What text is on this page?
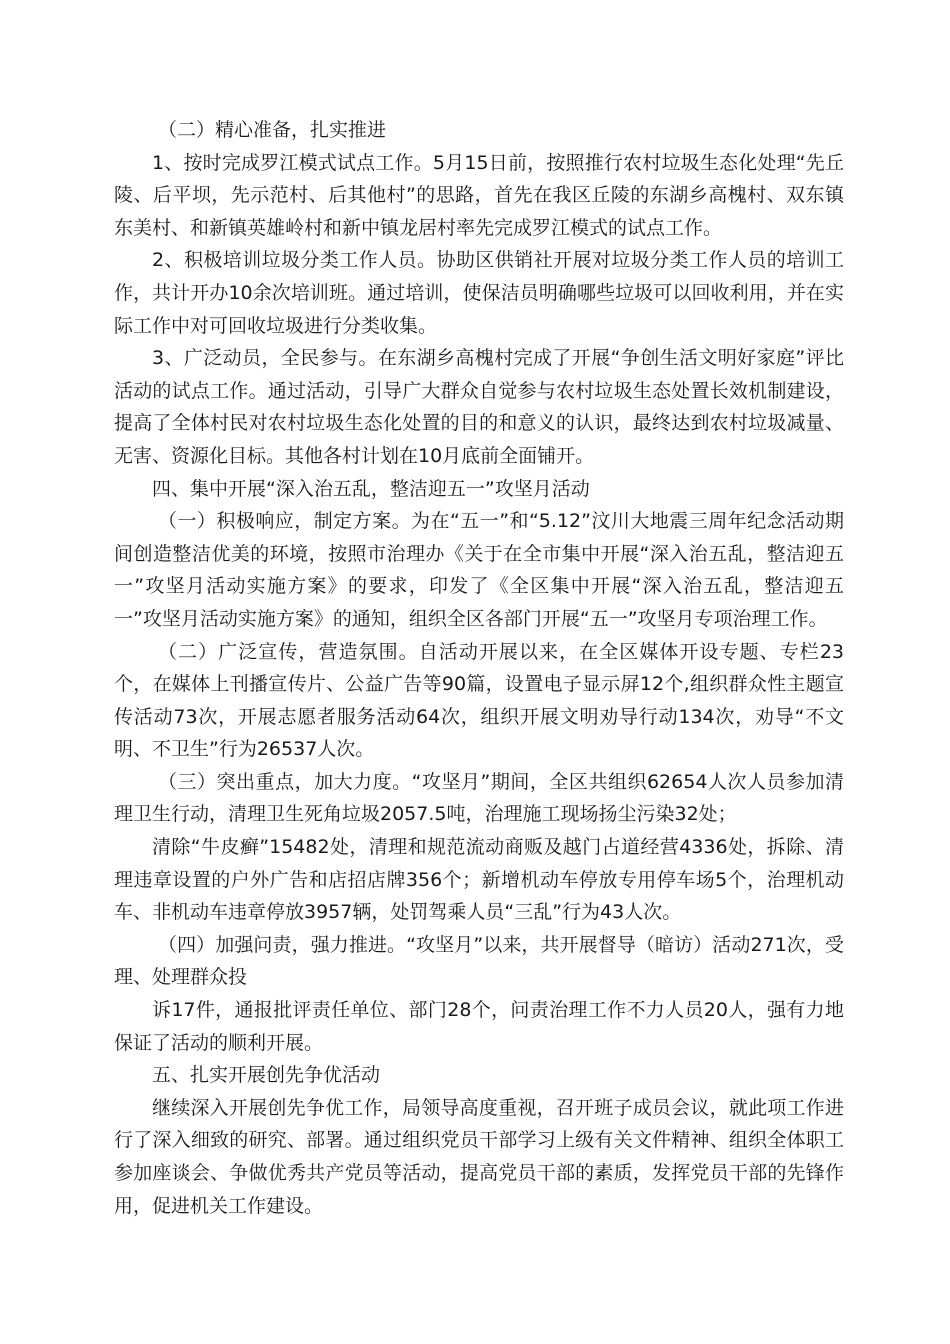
（二）精心准备，扎实推进

1、按时完成罗江模式试点工作。5月15日前，按照推行农村垃圾生态化处理“先丘陵、后平坝，先示范村、后其他村”的思路，首先在我区丘陵的东湖乡高槐村、双东镇东美村、和新镇英雄岭村和新中镇龙居村率先完成罗江模式的试点工作。

2、积极培训垃圾分类工作人员。协助区供销社开展对垃圾分类工作人员的培训工作，共计开办10余次培训班。通过培训，使保洁员明确哪些垃圾可以回收利用，并在实际工作中对可回收垃圾进行分类收集。

3、广泛动员，全民参与。在东湖乡高槐村完成了开展“争创生活文明好家庭”评比活动的试点工作。通过活动，引导广大群众自觉参与农村垃圾生态处置长效机制建设，提高了全体村民对农村垃圾生态化处置的目的和意义的认识，最终达到农村垃圾减量、无害、资源化目标。其他各村计划在10月底前全面铺开。

四、集中开展“深入治五乱，整洁迎五一”攻坚月活动

（一）积极响应，制定方案。为在“五一”和“5.12”汶川大地震三周年纪念活动期间创造整洁优美的环境，按照市治理办《关于在全市集中开展“深入治五乱，整洁迎五一”攻坚月活动实施方案》的要求，印发了《全区集中开展“深入治五乱，整洁迎五一”攻坚月活动实施方案》的通知，组织全区各部门开展“五一”攻坚月专项治理工作。

（二）广泛宣传，营造氛围。自活动开展以来，在全区媒体开设专题、专栏23个，在媒体上刊播宣传片、公益广告等90篇，设置电子显示屏12个,组织群众性主题宣传活动73次，开展志愿者服务活动64次，组织开展文明劝导行动134次，劝导“不文明、不卫生”行为26537人次。

（三）突出重点，加大力度。“攻坚月”期间，全区共组织62654人次人员参加清理卫生行动，清理卫生死角垃圾2057.5吨，治理施工现场扬尘污染32处；

清除“牛皮癣”15482处，清理和规范流动商贩及越门占道经营4336处，拆除、清理违章设置的户外广告和店招店牌356个；新增机动车停放专用停车场5个，治理机动车、非机动车违章停放3957辆，处罚驾乘人员“三乱”行为43人次。

（四）加强问责，强力推进。“攻坚月”以来，共开展督导（暗访）活动271次，受理、处理群众投

诉17件，通报批评责任单位、部门28个，问责治理工作不力人员20人，强有力地保证了活动的顺利开展。

五、扎实开展创先争优活动

继续深入开展创先争优工作，局领导高度重视，召开班子成员会议，就此项工作进行了深入细致的研究、部署。通过组织党员干部学习上级有关文件精神、组织全体职工参加座谈会、争做优秀共产党员等活动，提高党员干部的素质，发挥党员干部的先锋作用，促进机关工作建设。
